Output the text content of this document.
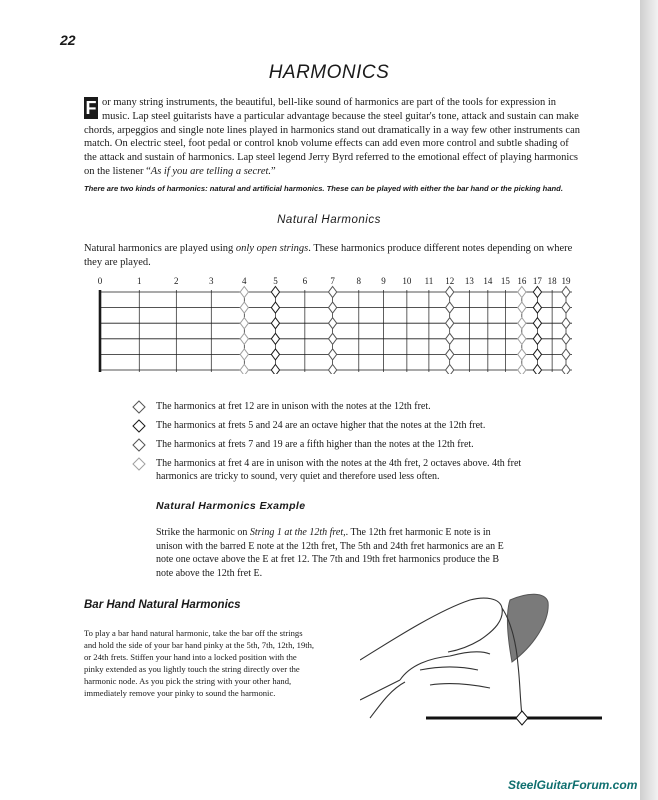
22
HARMONICS

F or many string instruments, the beautiful, bell-like sound of harmonics are part of the tools for expression in music. Lap steel guitarists have a particular advantage because the steel guitar's tone, attack and sustain can make chords, arpeggios and single note lines played in harmonics stand out dramatically in a way few other instruments can match. On electric steel, foot pedal or control knob volume effects can add even more control and subtle shading of the attack and sustain of harmonics. Lap steel legend Jerry Byrd referred to the emotional effect of playing harmonics on the listener “As if you are telling a secret.”

There are two kinds of harmonics: natural and artificial harmonics. These can be played with either the bar hand or the picking hand.

Natural Harmonics

Natural harmonics are played using only open strings. These harmonics produce different notes depending on where they are played.

0	1	2	3	4	5	6	7 8 9 10 11 12 13 14 15 16 17 18 19
The harmonics at fret 12 are in unison with the notes at the 12th fret.
The harmonics at frets 5 and 24 are an octave higher that the notes at the 12th fret.
The harmonics at frets 7 and 19 are a fifth higher than the notes at the 12th fret.
The harmonics at fret 4 are in unison with the notes at the 4th fret, 2 octaves above. 4th fret harmonics are tricky to sound, very quiet and therefore used less often.
Natural Harmonics Example

Strike the harmonic on String 1 at the 12th fret,. The 12th fret harmonic E note is in unison with the barred E note at the 12th fret, The 5th and 24th fret harmonics are an E note one octave above the E at fret 12. The 7th and 19th fret harmonics produce the B note above the 12th fret E.

Bar Hand Natural Harmonics

To play a bar hand natural harmonic, take the bar off the strings and hold the side of your bar hand pinky at the 5th, 7th, 12th, 19th, or 24th frets. Stiffen your hand into a locked position with the pinky extended as you lightly touch the string directly over the harmonic node. As you pick the string with your other hand, immediately remove your pinky to sound the harmonic.

SteelGuitarForum.com
